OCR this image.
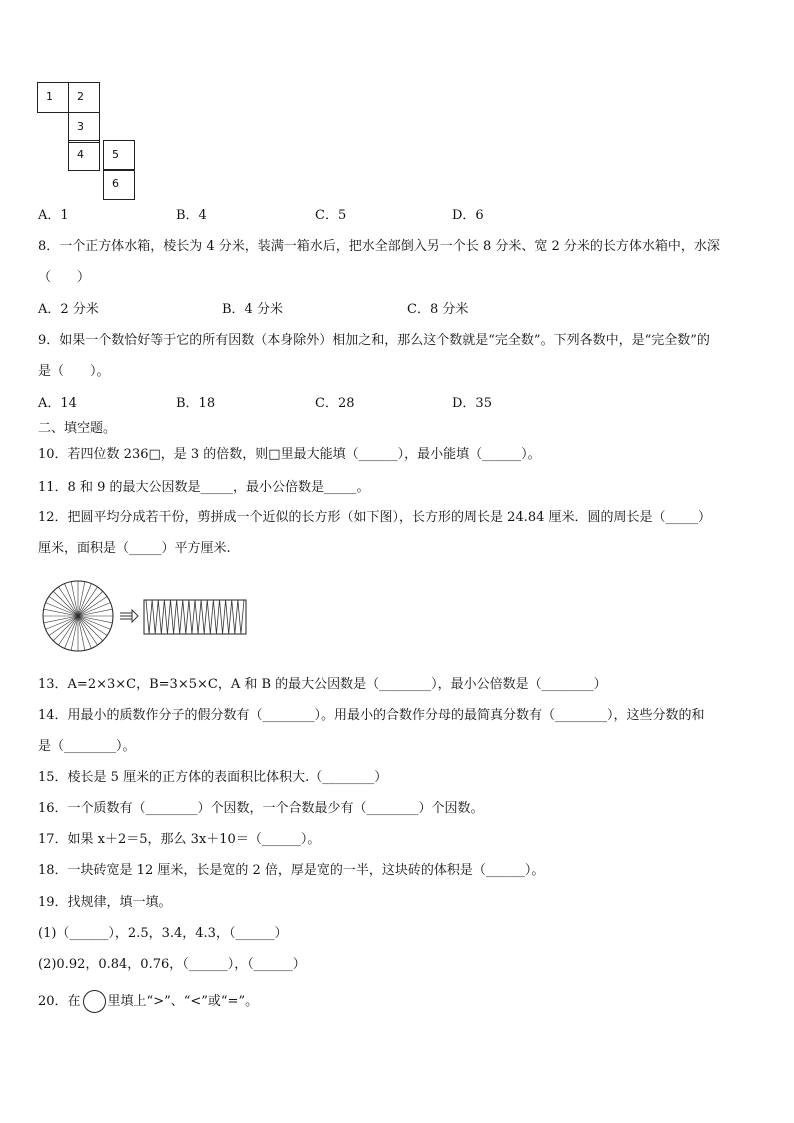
1	2
3
4	5
6
A．1	B．4	C．5	D．6
8．一个正方体水箱，棱长为 4 分米，装满一箱水后，把水全部倒入另一个长 8 分米、宽 2 分米的长方体水箱中，水深
（　　）
A．2 分米	B．4 分米	C．8 分米
9．如果一个数恰好等于它的所有因数（本身除外）相加之和，那么这个数就是“完全数”。下列各数中，是“完全数”的
是（　　）。
A．14	B．18	C．28	D．35
二、填空题。
10．若四位数 236□，是 3 的倍数，则□里最大能填（______），最小能填（______）。
11．8 和 9 的最大公因数是_____，最小公倍数是_____。
12．把圆平均分成若干份，剪拼成一个近似的长方形（如下图），长方形的周长是 24.84 厘米．圆的周长是（_____）
厘米，面积是（_____）平方厘米.
13．A=2×3×C，B=3×5×C，A 和 B 的最大公因数是（________），最小公倍数是（________）
14．用最小的质数作分子的假分数有（________）。用最小的合数作分母的最简真分数有（________），这些分数的和
是（________）。
15．棱长是 5 厘米的正方体的表面积比体积大.（________）
16．一个质数有（________）个因数，一个合数最少有（________）个因数。
17．如果 x＋2＝5，那么 3x＋10＝（______）。
18．一块砖宽是 12 厘米，长是宽的 2 倍，厚是宽的一半，这块砖的体积是（______）。
19．找规律，填一填。
(1)（______），2.5，3.4，4.3，（______）
(2)0.92，0.84，0.76，（______），（______）
20．在 里填上“>”、“<”或“=”。
